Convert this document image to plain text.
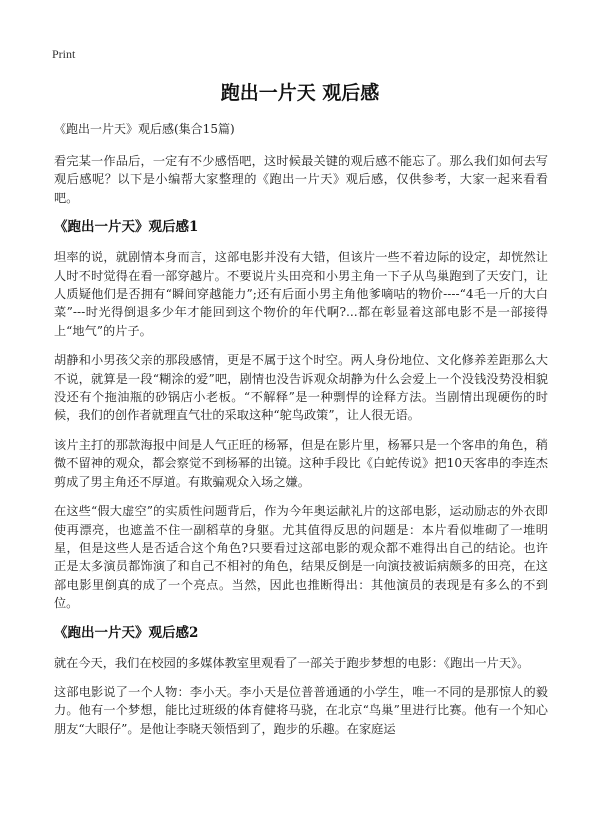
Print
跑出一片天 观后感
《跑出一片天》观后感(集合15篇)

看完某一作品后，一定有不少感悟吧，这时候最关键的观后感不能忘了。那么我们如何去写观后感呢？以下是小编帮大家整理的《跑出一片天》观后感，仅供参考，大家一起来看看吧。

《跑出一片天》观后感1

坦率的说，就剧情本身而言，这部电影并没有大错，但该片一些不着边际的设定，却恍然让人时不时觉得在看一部穿越片。不要说片头田亮和小男主角一下子从鸟巢跑到了天安门，让人质疑他们是否拥有“瞬间穿越能力”;还有后面小男主角他爹嘀咕的物价----“4毛一斤的大白菜”---时光得倒退多少年才能回到这个物价的年代啊?...都在彰显着这部电影不是一部接得上“地气”的片子。

胡静和小男孩父亲的那段感情，更是不属于这个时空。两人身份地位、文化修养差距那么大不说，就算是一段“糊涂的爱”吧，剧情也没告诉观众胡静为什么会爱上一个没钱没势没相貌没还有个拖油瓶的砂锅店小老板。“不解释”是一种剽悍的诠释方法。当剧情出现硬伤的时候，我们的创作者就理直气壮的采取这种“鸵鸟政策”，让人很无语。

该片主打的那款海报中间是人气正旺的杨幂，但是在影片里，杨幂只是一个客串的角色，稍微不留神的观众，都会察觉不到杨幂的出镜。这种手段比《白蛇传说》把10天客串的李连杰剪成了男主角还不厚道。有欺骗观众入场之嫌。

在这些“假大虚空”的实质性问题背后，作为今年奥运献礼片的这部电影，运动励志的外衣即使再漂亮，也遮盖不住一副稻草的身躯。尤其值得反思的问题是：本片看似堆砌了一堆明星，但是这些人是否适合这个角色?只要看过这部电影的观众都不难得出自己的结论。也许正是太多演员都饰演了和自己不相衬的角色，结果反倒是一向演技被诟病颇多的田亮，在这部电影里倒真的成了一个亮点。当然，因此也推断得出：其他演员的表现是有多么的不到位。

《跑出一片天》观后感2

就在今天，我们在校园的多媒体教室里观看了一部关于跑步梦想的电影：《跑出一片天》。

这部电影说了一个人物：李小天。李小天是位普普通通的小学生，唯一不同的是那惊人的毅力。他有一个梦想，能比过班级的体育健将马骁，在北京“鸟巢”里进行比赛。他有一个知心朋友“大眼仔”。是他让李晓天领悟到了，跑步的乐趣。在家庭运
